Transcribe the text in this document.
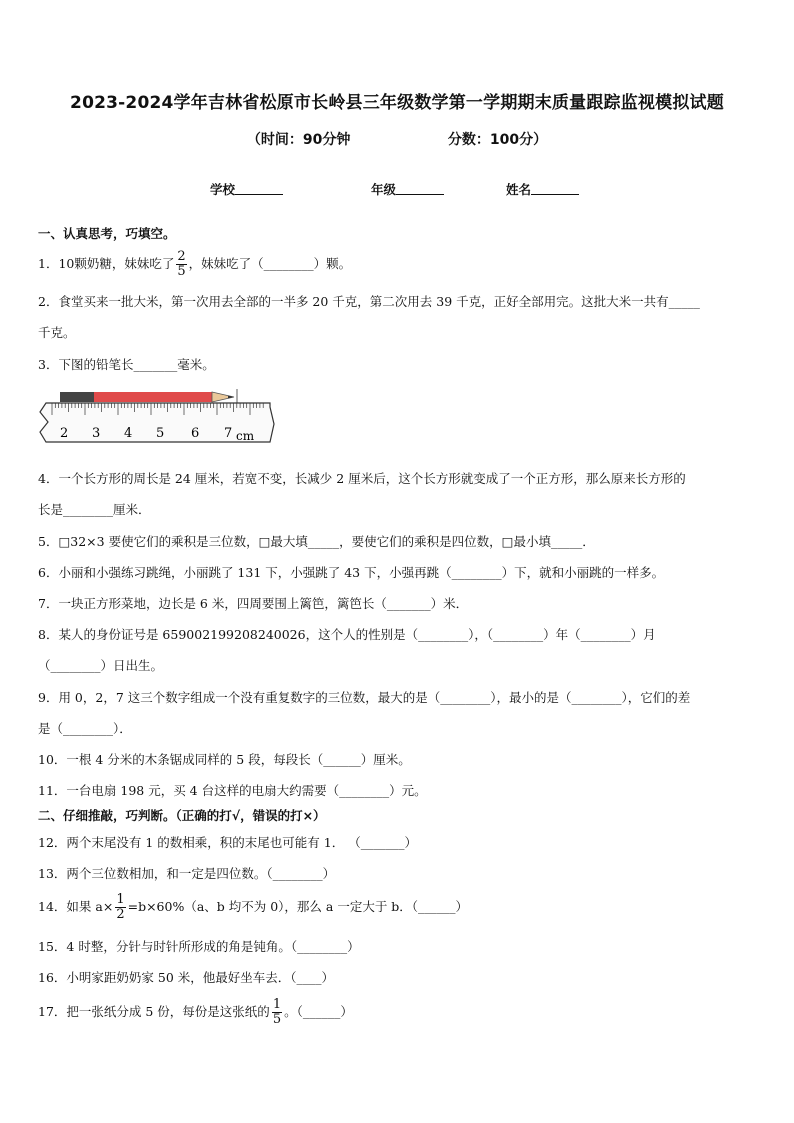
2023-2024学年吉林省松原市长岭县三年级数学第一学期期末质量跟踪监视模拟试题
（时间：90分钟                    分数：100分）
学校	年级	姓名
一、认真思考，巧填空。
1．10颗奶糖，妹妹吃了 $\frac{2}{5}$ ，妹妹吃了（________）颗。
2．食堂买来一批大米，第一次用去全部的一半多 20 千克，第二次用去 39 千克，正好全部用完。这批大米一共有_____
千克。
3．下图的铅笔长_______毫米。
2 3 4 5 6 7 cm
4．一个长方形的周长是 24 厘米，若宽不变，长减少 2 厘米后，这个长方形就变成了一个正方形，那么原来长方形的
长是________厘米．
5．□32×3 要使它们的乘积是三位数，□最大填_____，要使它们的乘积是四位数，□最小填_____．
6．小丽和小强练习跳绳，小丽跳了 131 下，小强跳了 43 下，小强再跳（________）下，就和小丽跳的一样多。
7．一块正方形菜地，边长是 6 米，四周要围上篱笆，篱笆长（_______）米．
8．某人的身份证号是 659002199208240026，这个人的性别是（________），（________）年（________）月
（________）日出生。
9．用 0，2，7 这三个数字组成一个没有重复数字的三位数，最大的是（________），最小的是（________），它们的差
是（________）．
10．一根 4 分米的木条锯成同样的 5 段，每段长（______）厘米。
11．一台电扇 198 元，买 4 台这样的电扇大约需要（________）元。
二、仔细推敲，巧判断。（正确的打√，错误的打×）
12．两个末尾没有 1 的数相乘，积的末尾也可能有 1． （_______）
13．两个三位数相加，和一定是四位数。（________）
14．如果 $a\times \frac{1}{2} =b\times 60\%(a$、b 均不为 0），那么 a 一定大于 b．（______）
15．4 时整，分针与时针所形成的角是钝角。（________）
16．小明家距奶奶家 50 米，他最好坐车去．（____）
17．把一张纸分成 5 份，每份是这张纸的 $\frac{1}{5}$ 。（______）
